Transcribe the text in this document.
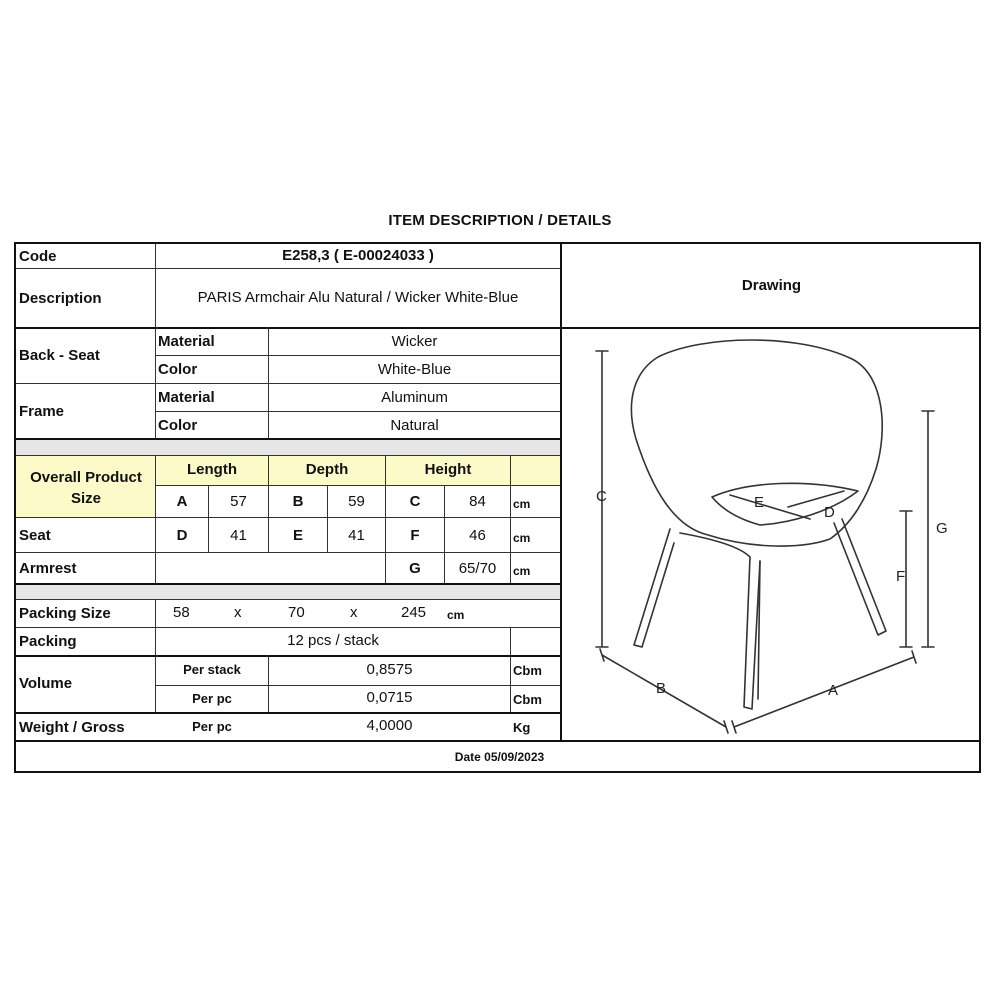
ITEM DESCRIPTION / DETAILS
Code	E258,3 ( E-00024033 )
Description	PARIS Armchair Alu Natural / Wicker White-Blue
Drawing
Back - Seat
Material	Wicker
Color	White-Blue
Frame
Material	Aluminum
Color	Natural
Overall Product Size
Length	Depth	Height
A	57	B	59	C	84	cm
Seat	D	41	E	41	F	46	cm
Armrest	G	65/70	cm
Packing Size	58	x	70	x	245 cm
Packing	12 pcs / stack
Volume
Per stack	0,8575	Cbm
Per pc	0,0715	Cbm
Weight / Gross	Per pc	4,0000	Kg
Date 05/09/2023
C
G
F
E
D
B	A
